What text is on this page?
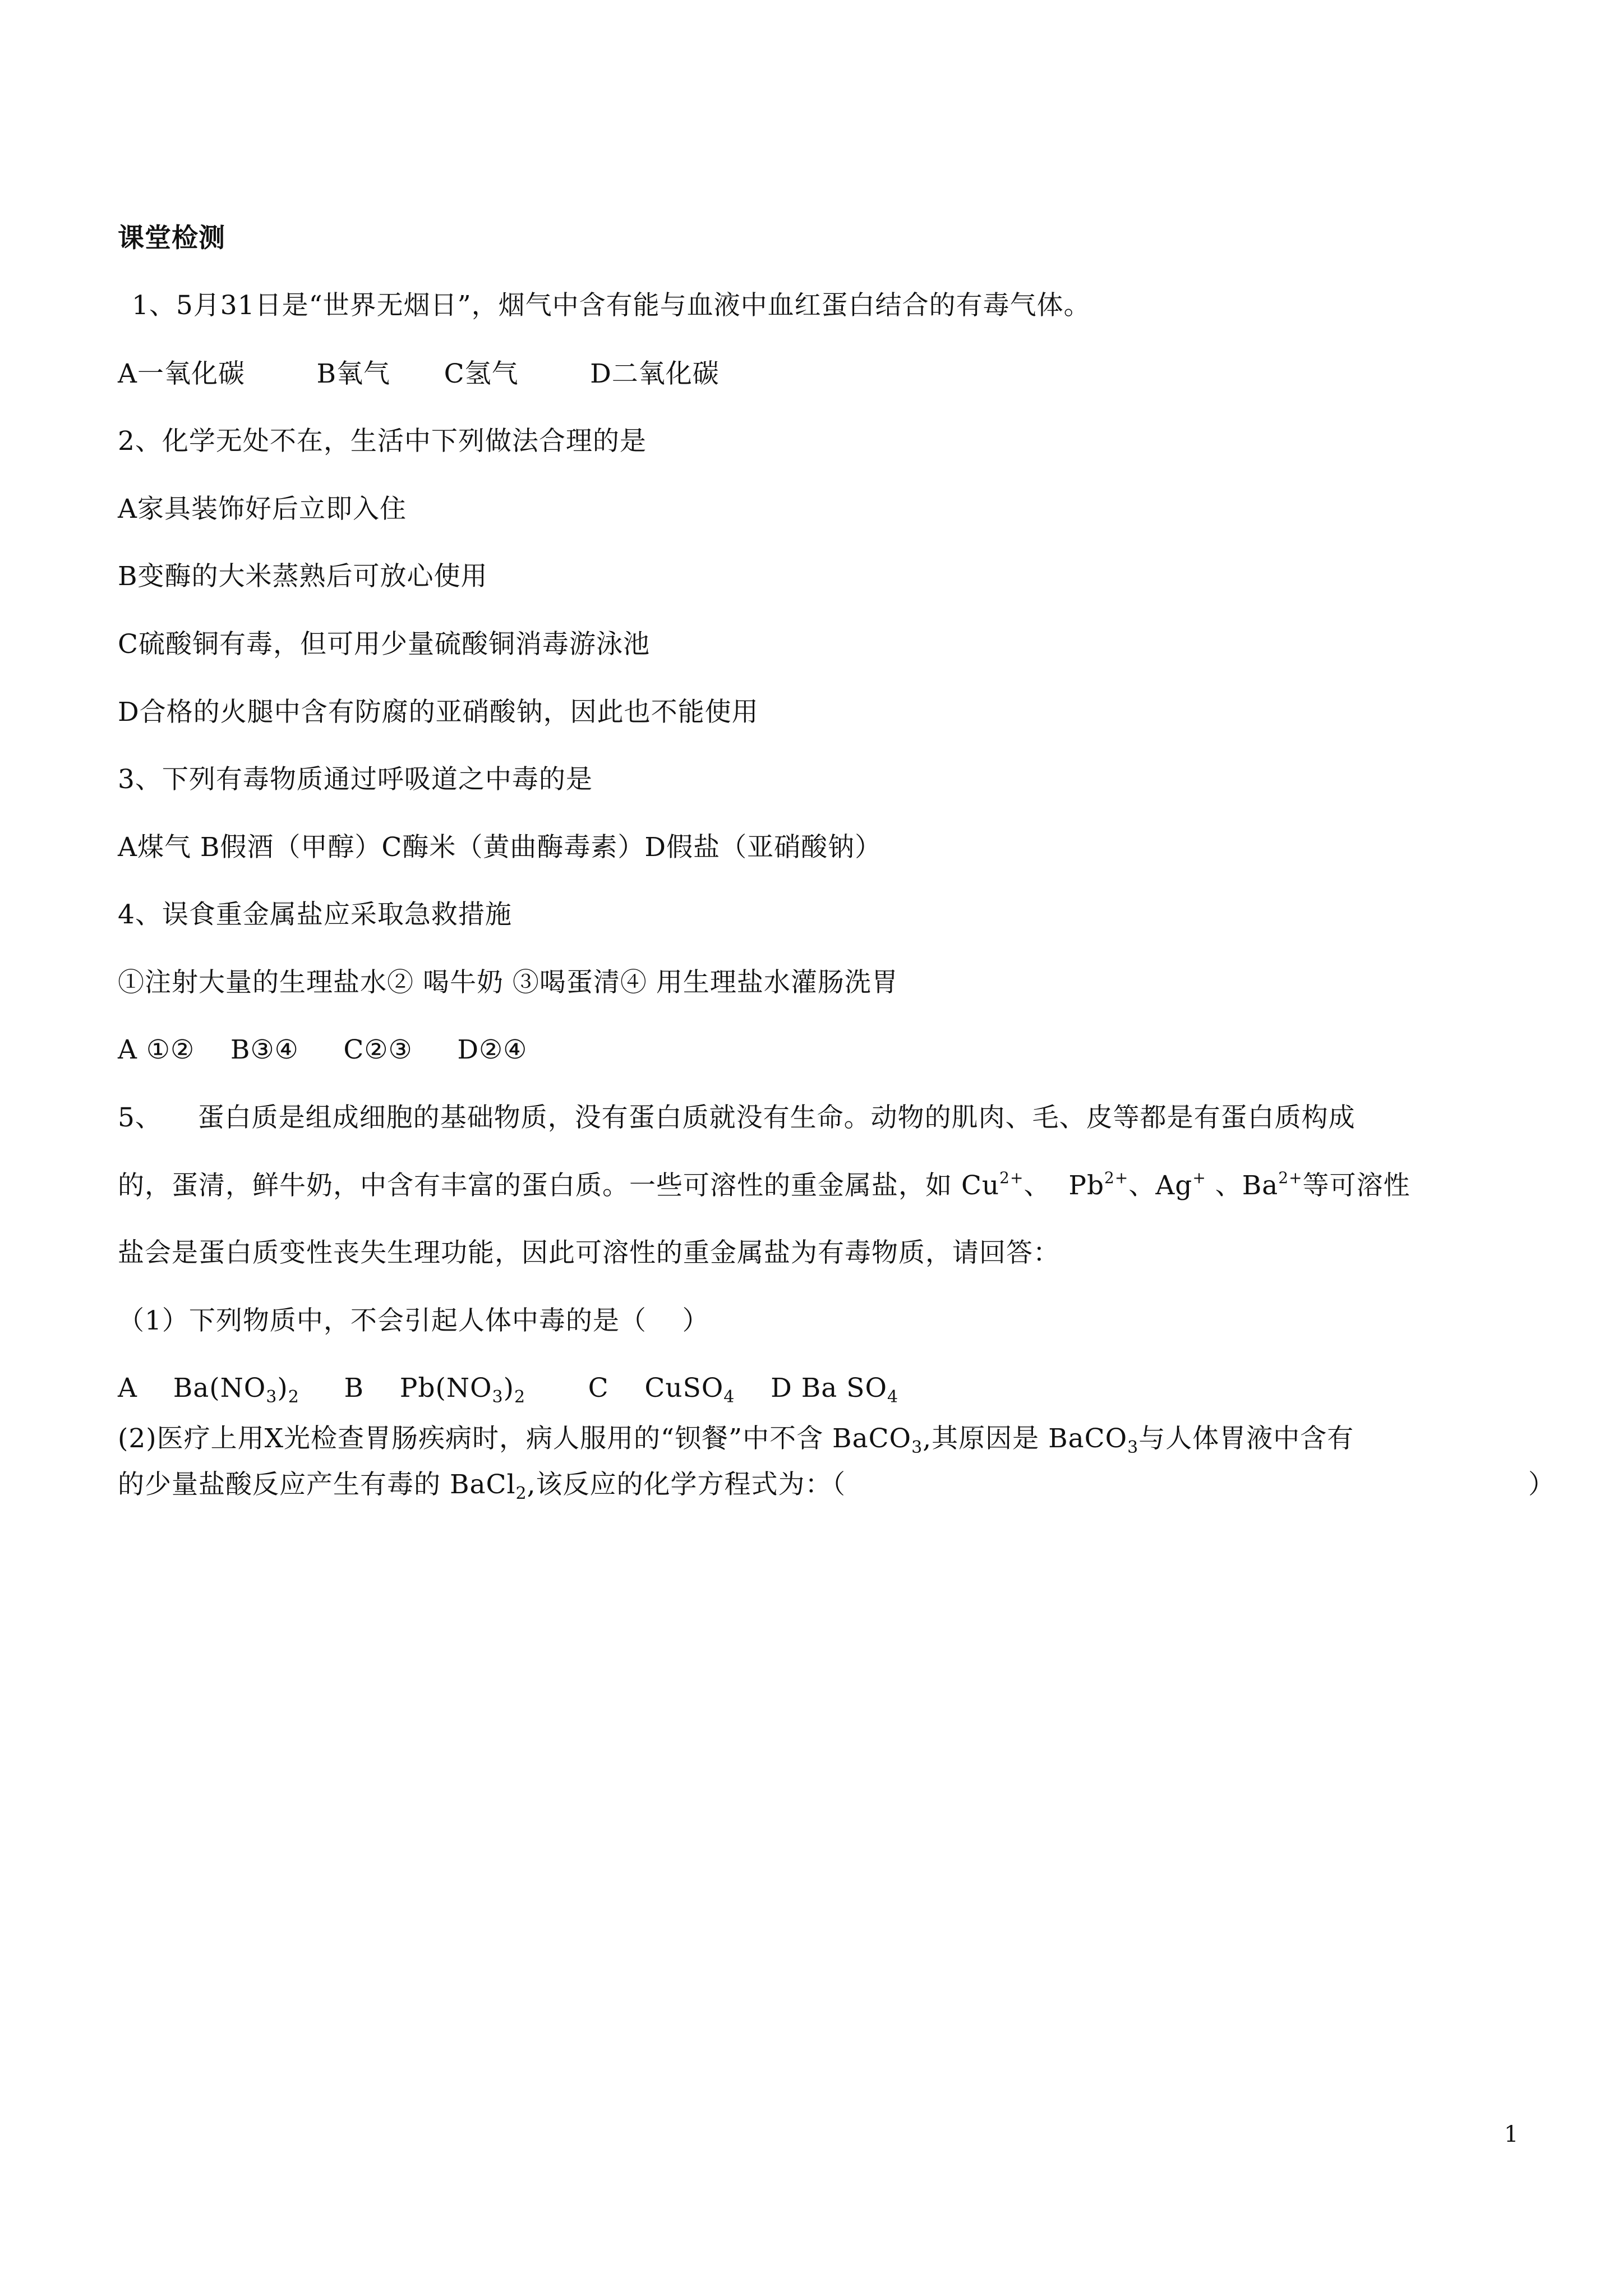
课堂检测
1、5月31日是“世界无烟日”，烟气中含有能与血液中血红蛋白结合的有毒气体。
A一氧化碳        B氧气      C氢气        D二氧化碳
2、化学无处不在，生活中下列做法合理的是
A家具装饰好后立即入住
B变酶的大米蒸熟后可放心使用
C硫酸铜有毒，但可用少量硫酸铜消毒游泳池
D合格的火腿中含有防腐的亚硝酸钠，因此也不能使用
3、下列有毒物质通过呼吸道之中毒的是
A煤气 B假酒（甲醇）C酶米（黄曲酶毒素）D假盐（亚硝酸钠）
4、误食重金属盐应采取急救措施
①注射大量的生理盐水② 喝牛奶 ③喝蛋清④ 用生理盐水灌肠洗胃
A ①②    B③④     C②③     D②④
5、    蛋白质是组成细胞的基础物质，没有蛋白质就没有生命。动物的肌肉、毛、皮等都是有蛋白质构成
的，蛋清，鲜牛奶，中含有丰富的蛋白质。一些可溶性的重金属盐，如 $Cu^{2+}$、  $Pb^{2+}$、Ag+ 、$Ba^{2+}$等可溶性
盐会是蛋白质变性丧失生理功能，因此可溶性的重金属盐为有毒物质，请回答：
（1）下列物质中，不会引起人体中毒的是（    ）
A    $Ba(NO_3)_2$     B    $Pb(NO_3)_2$       C    CuSO$_4$    D Ba $SO_4$
(2)医疗上用X光检查胃肠疾病时，病人服用的“钡餐”中不含 BaCO$_3$,其原因是 BaCO$_3$与人体胃液中含有
的少量盐酸反应产生有毒的 BaCl$_2$,该反应的化学方程式为：（	）
1
